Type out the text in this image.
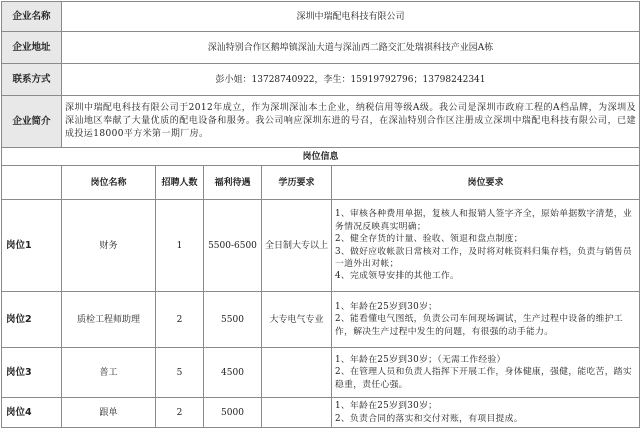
企业名称	深圳中瑞配电科技有限公司				
企业地址	深汕特别合作区鹅埠镇深汕大道与深汕西二路交汇处瑞祺科技产业园A栋				
联系方式	彭小姐：13728740922，李生：15919792796；13798242341				
企业简介	深圳中瑞配电科技有限公司于2012年成立，作为深圳深汕本土企业，纳税信用等级A级。我公司是深圳市政府工程的A档品牌，为深圳及深汕地区奉献了大量优质的配电设备和服务。我公司响应深圳东进的号召，在深汕特别合作区注册成立深圳中瑞配电科技有限公司，已建成投运18000平方米第一期厂房。				
岗位信息					
	岗位名称	招聘人数	福利待遇	学历要求	岗位要求
岗位1	财务	1	5500-6500	全日制大专以上	1、审核各种费用单据，复核人和报销人签字齐全，原始单据数字清楚，业务情况反映真实明确；
2、健全存货的计量、验收、领退和盘点制度；
3、做好应收帐款日常核对工作，及时将对帐资料归集存档，负责与销售员一道外出对帐；
4、完成领导安排的其他工作。

岗位2	质检工程师助理	2	5500	大专电气专业	1、年龄在25岁到30岁；
2、能看懂电气图纸，负责公司车间现场调试，生产过程中设备的维护工作，解决生产过程中发生的问题，有很强的动手能力。

岗位3	普工	5	4500		1、年龄在25岁到30岁；（无需工作经验）
2、在管理人员和负责人指挥下开展工作，身体健康，强健，能吃苦，踏实稳重，责任心强。

岗位4	跟单	2	5000		1、年龄在25岁到30岁；
2、负责合同的落实和交付对账，有项目提成。
